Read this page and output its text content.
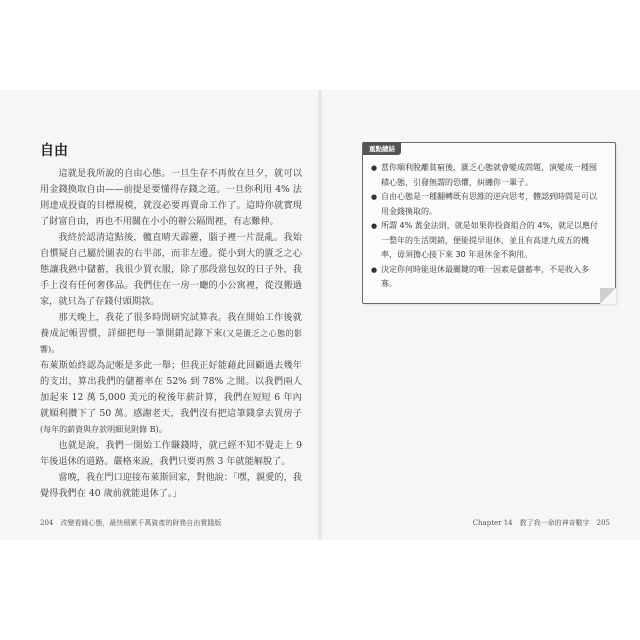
自由

這就是我所說的自由心態。一旦生存不再攸在旦夕，就可以用金錢換取自由——前提是要懂得存錢之道。一旦你利用 4% 法則達成投資的目標規模，就沒必要再賣命工作了。這時你就實現了財富自由，再也不用關在小小的辦公隔間裡，有志難伸。

我終於認清這點後，髖直晴天霹靂，腦子裡一片混亂。我始自慣疑自己屬於圖表的右半部，而非左邊。從小到大的匱乏之心態讓我熟中儲蓄，我很少買衣服，除了那段當包奴的日子外，我手上沒有任何奢侈品。我們住在一房一廳的小公寓裡，從沒搬過家，就只為了存錢付頭期款。

那天晚上，我花了很多時間研究試算表。我在開始工作後就養成記帳習慣，詳細把每一筆開銷記錄下來(又是匱乏之心態的影響)。

布萊斯始終認為記帳是多此一舉；但我正好能藉此回顧過去幾年的支出，算出我們的儲蓄率在 52% 到 78% 之間。以我們兩人加起來 12 萬 5,000 美元的稅後年薪計算，我們在短短 6 年內就順利攢下了 50 萬。感謝老天，我們沒有把這筆錢拿去買房子(每年的薪資與存款明細見附錄 B)。

也就是說，我們一開始工作賺錢時，就已經不知不覺走上 9 年後退休的道路。嚴格來說，我們只要再熬 3 年就能解脫了。

當晚，我在門口迎接布萊斯回家，對他說：「嘿，親愛的，我覺得我們在 40 歲前就能退休了。」

204　改變看錢心態，最快積累千萬資產的財務自由實踐版
重點總結
● 當你順利脫離貧窮後，匱乏心態就會變成問題，演變成一種囤積心態，引發無謂的恐懼，糾纏你一輩子。
● 自由心態是一種翻轉既有思維的逆向思考，體認到時間是可以用金錢換取的。
● 所謂 4% 黃金法則，就是如果你投資組合的 4%，就足以應付一整年的生活開銷，便能提早退休，並且有高達九成五的機率，毋須擔心接下來 30 年退休金不夠用。
● 決定你何時能退休最關鍵的唯一因素是儲蓄率，不是收入多寡。
Chapter 14　教了我一命的神奇數字　205
